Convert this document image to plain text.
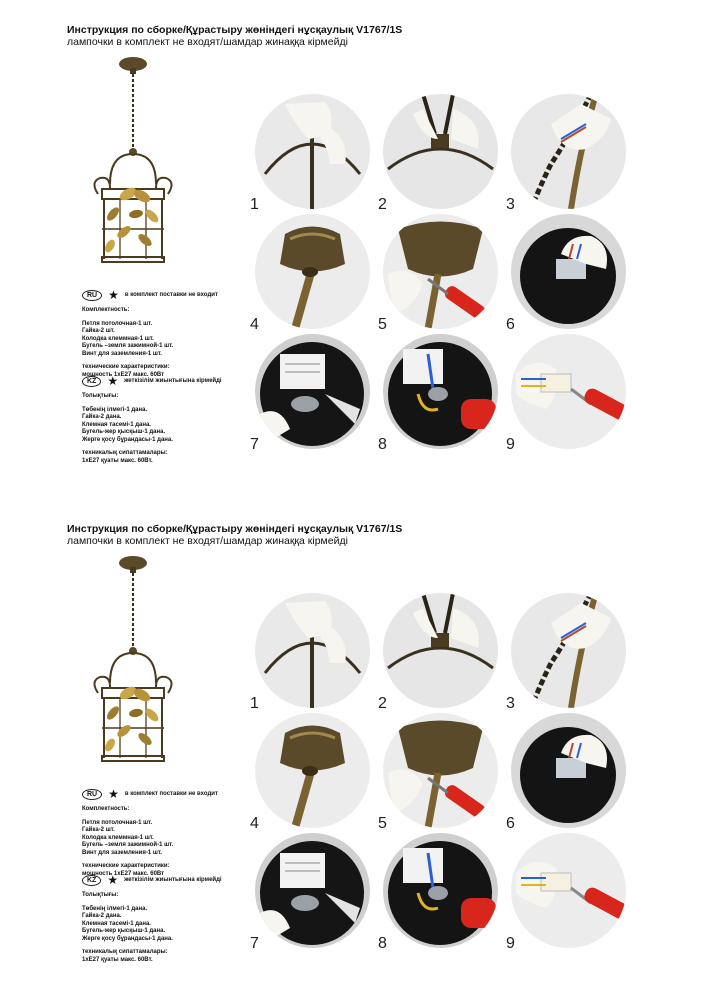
Инструкция по сборке/Құрастыру жөніндегі нұсқаулық V1767/1S
лампочки в комплект не входят/шамдар жинаққа кірмейді
RU ★ в комплект поставки не входит

Комплектность:

Петля потолочная-1 шт.

Гайка-2 шт.

Колодка клеммная-1 шт.

Бугель –земля зажимной-1 шт.

Винт для заземления-1 шт.

технические характеристики:

мощность 1хЕ27 макс. 60Вт

KZ ★ жеткізілім жиынтығына кірмейді

Толықтығы:

Төбенің ілмегі-1 дана.

Гайка-2 дана.

Клемная тасемі-1 дана.

Бугель-жер қысқыш-1 дана.

Жерге қосу бұрандасы-1 дана.

техникалық сипаттамалары:

1хЕ27 қуаты макс. 60Вт.

1	2	3
4	5	6
7	8	9
Инструкция по сборке/Құрастыру жөніндегі нұсқаулық V1767/1S
лампочки в комплект не входят/шамдар жинаққа кірмейді
RU ★ в комплект поставки не входит

Комплектность:

Петля потолочная-1 шт.

Гайка-2 шт.

Колодка клеммная-1 шт.

Бугель –земля зажимной-1 шт.

Винт для заземления-1 шт.

технические характеристики:

мощность 1хЕ27 макс. 60Вт

KZ ★ жеткізілім жиынтығына кірмейді

Толықтығы:

Төбенің ілмегі-1 дана.

Гайка-2 дана.

Клемная тасемі-1 дана.

Бугель-жер қысқыш-1 дана.

Жерге қосу бұрандасы-1 дана.

техникалық сипаттамалары:

1хЕ27 қуаты макс. 60Вт.

1	2	3
4	5	6
7	8	9
